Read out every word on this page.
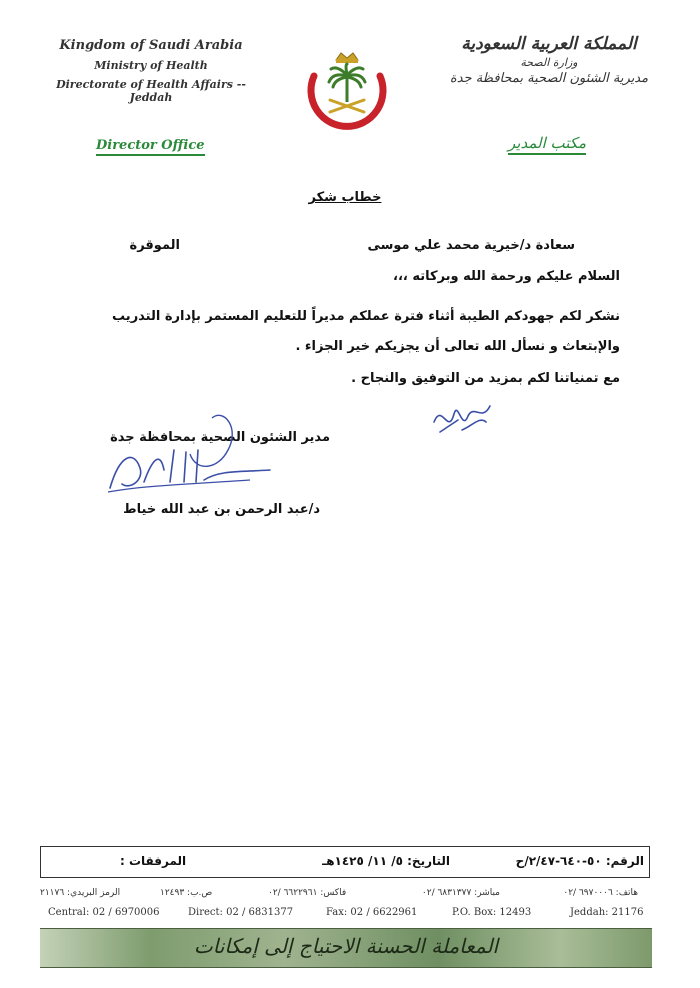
Kingdom of Saudi Arabia
Ministry of Health
Directorate of Health Affairs -- Jeddah
المملكة العربية السعودية
وزارة الصحة
مديرية الشئون الصحية بمحافظة جدة
Director Office	مكتب المدير
خطاب شكر
سعادة د/خيرية محمد علي موسى
الموقرة
السلام عليكم ورحمة الله وبركاته ،،،
نشكر لكم جهودكم الطيبة أثناء فترة عملكم مديراً للتعليم المستمر بإدارة التدريب
والإبتعاث و نسأل الله تعالى أن يجزيكم خير الجزاء .
مع تمنياتنا لكم بمزيد من التوفيق والنجاح .
مدير الشئون الصحية بمحافظة جدة
د/عبد الرحمن بن عبد الله خياط
الرقم: ٥٠-٦٤٠-٢/٤٧/ح
التاريخ: ٥/ ١١/ ١٤٢٥هـ
المرفقات :
هاتف: ٦٩٧٠٠٠٦ /٠٢
مباشر: ٦٨٣١٣٧٧ /٠٢
فاكس: ٦٦٢٢٩٦١ /٠٢
ص.ب: ١٢٤٩٣
الرمز البريدي: ٢١١٧٦
Central: 02 / 6970006	Direct: 02 / 6831377	Fax: 02 / 6622961	P.O. Box: 12493	Jeddah: 21176
المعاملة الحسنة الاحتياج إلى إمكانات
